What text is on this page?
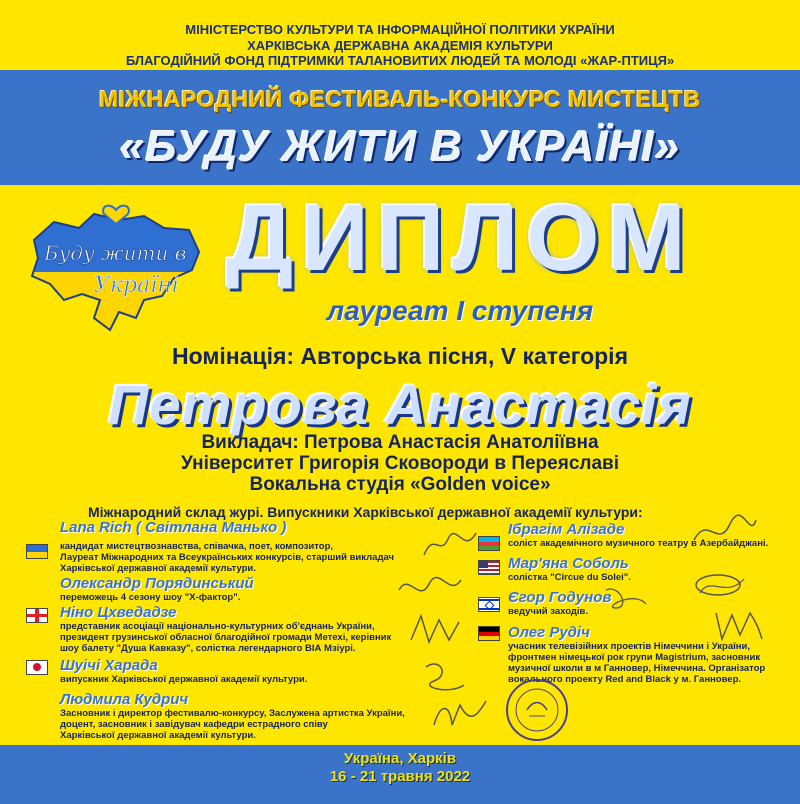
МІНІСТЕРСТВО КУЛЬТУРИ ТА ІНФОРМАЦІЙНОЇ ПОЛІТИКИ УКРАЇНИ
ХАРКІВСЬКА ДЕРЖАВНА АКАДЕМІЯ КУЛЬТУРИ
БЛАГОДІЙНИЙ ФОНД ПІДТРИМКИ ТАЛАНОВИТИХ ЛЮДЕЙ ТА МОЛОДІ «ЖАР-ПТИЦЯ»
МІЖНАРОДНИЙ ФЕСТИВАЛЬ-КОНКУРС МИСТЕЦТВ
«БУДУ ЖИТИ В УКРАЇНІ»
Буду жити в
Україні ДИПЛОМ
лауреат І ступеня
Номінація: Авторська пісня, V категорія
Петрова Анастасія
Викладач: Петрова Анастасія Анатоліївна
Університет Григорія Сковороди в Переяславі
Вокальна студія «Golden voice»
Міжнародний склад журі. Випускники Харківської державної академії культури:
Lana Rich ( Світлана Манько )
кандидат мистецтвознавства, співачка, поет, композитор,
Лауреат Міжнародних та Всеукраїнських конкурсів, старший викладач
Харківської державної академії культури.
Олександр Порядинський
переможець 4 сезону шоу "Х-фактор".
Ніно Цхведадзе
представник асоціації національно-культурних об'єднань України,
президент грузинської обласної благодійної громади Метехі, керівник
шоу балету "Душа Кавказу", солістка легендарного ВІА Мзіурі.
Шуічі Харада
випускник Харківської державної академії культури.
Людмила Кудрич
Засновник і директор фестивалю-конкурсу, Заслужена артистка України,
доцент, засновник і завідувач кафедри естрадного співу
Харківської державної академії культури.
Ібрагім Алізаде
соліст академічного музичного театру в Азербайджані.
Мар'яна Соболь
солістка "Circue du Solei".
Єгор Годунов
ведучий заходів.
Олег Рудіч
учасник телевізійних проектів Німеччини і України,
фронтмен німецької рок групи Magistrium, засновник
музичної школи в м Ганновер, Німеччина. Організатор
вокального проекту Red and Black у м. Ганновер.
Україна, Харків
16 - 21 травня 2022
